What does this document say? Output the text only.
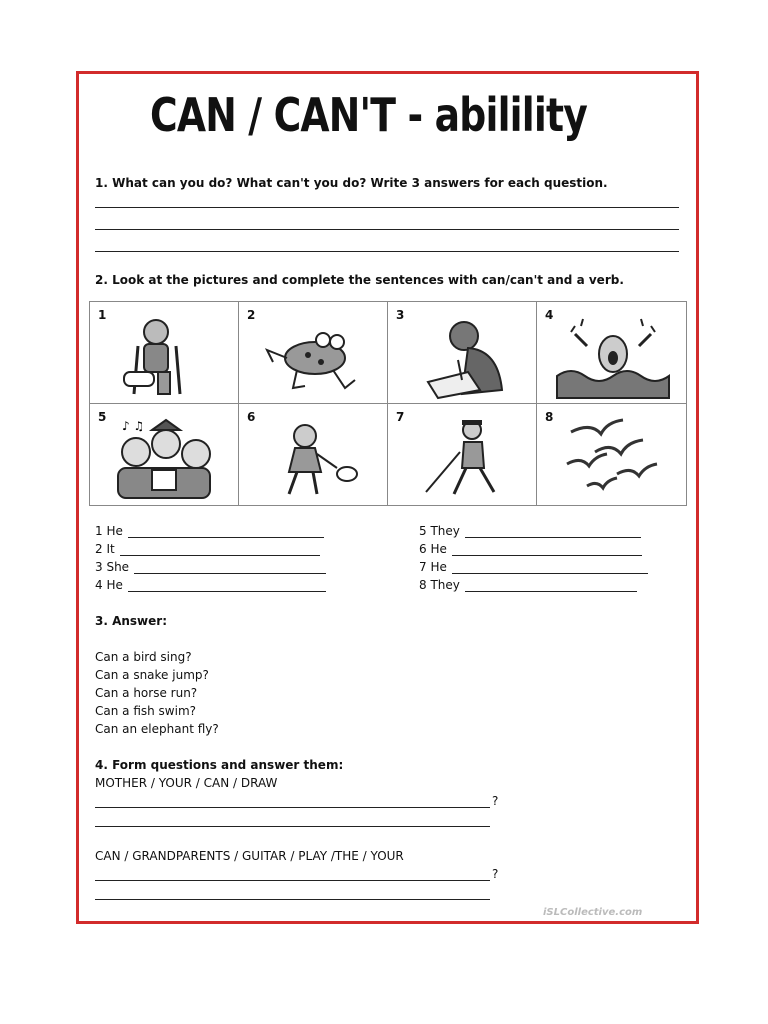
CAN / CAN'T - abilility
1. What can you do? What can't you do? Write 3 answers for each question.
2. Look at the pictures and complete the sentences with can/can't and a verb.
1	2	3	4
5
♪ ♫
6	7	8
1 He
2 It
3 She
4 He
5 They
6 He
7 He
8 They
3. Answer:
Can a bird sing?
Can a snake jump?
Can a horse run?
Can a fish swim?
Can an elephant fly?
4. Form questions and answer them:
MOTHER / YOUR / CAN / DRAW
?
CAN / GRANDPARENTS / GUITAR / PLAY /THE / YOUR
?
iSLCollective.com
